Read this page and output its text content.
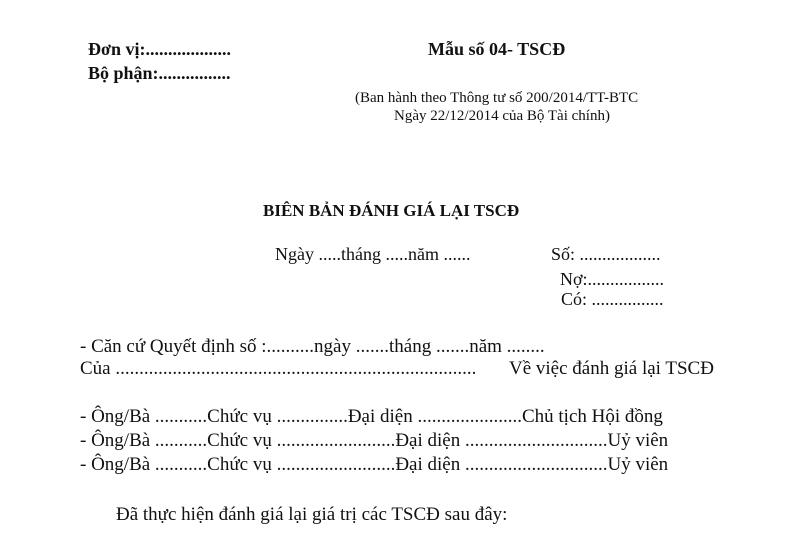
Đơn vị:...................
Bộ phận:................
Mẫu số 04- TSCĐ
(Ban hành theo Thông tư số 200/2014/TT-BTC
Ngày 22/12/2014 của Bộ Tài chính)
BIÊN BẢN ĐÁNH GIÁ LẠI TSCĐ
Ngày .....tháng .....năm ......	Số: ..................
Nợ:.................
Có: ................
- Căn cứ Quyết định số :..........ngày .......tháng .......năm ........
Của ............................................................................ Về việc đánh giá lại TSCĐ
- Ông/Bà ...........Chức vụ ...............Đại diện ......................Chủ tịch Hội đồng
- Ông/Bà ...........Chức vụ .........................Đại diện ..............................Uỷ viên
- Ông/Bà ...........Chức vụ .........................Đại diện ..............................Uỷ viên
Đã thực hiện đánh giá lại giá trị các TSCĐ sau đây:
